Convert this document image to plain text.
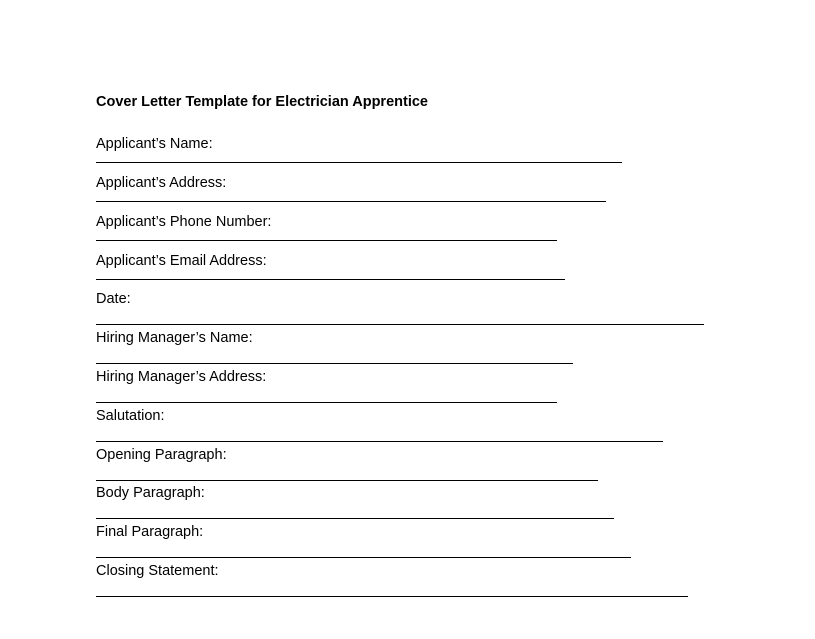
Cover Letter Template for Electrician Apprentice
Applicant’s Name:
Applicant’s Address:
Applicant’s Phone Number:
Applicant’s Email Address:
Date:
Hiring Manager’s Name:
Hiring Manager’s Address:
Salutation:
Opening Paragraph:
Body Paragraph:
Final Paragraph:
Closing Statement:
